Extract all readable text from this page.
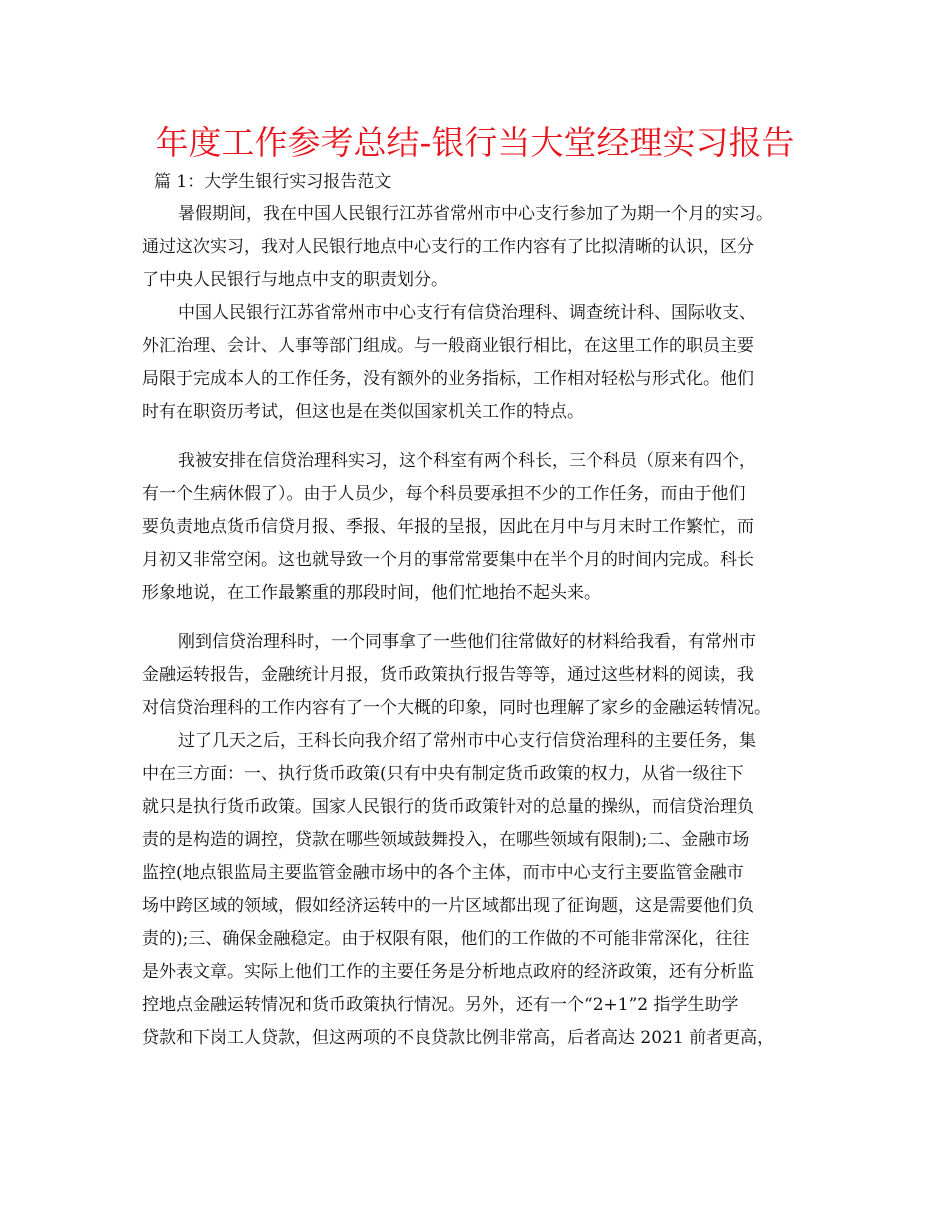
年度工作参考总结-银行当大堂经理实习报告
篇 1：大学生银行实习报告范文
暑假期间，我在中国人民银行江苏省常州市中心支行参加了为期一个月的实习。
通过这次实习，我对人民银行地点中心支行的工作内容有了比拟清晰的认识，区分
了中央人民银行与地点中支的职责划分。
中国人民银行江苏省常州市中心支行有信贷治理科、调查统计科、国际收支、
外汇治理、会计、人事等部门组成。与一般商业银行相比，在这里工作的职员主要
局限于完成本人的工作任务，没有额外的业务指标，工作相对轻松与形式化。他们
时有在职资历考试，但这也是在类似国家机关工作的特点。
我被安排在信贷治理科实习，这个科室有两个科长，三个科员（原来有四个，
有一个生病休假了）。由于人员少，每个科员要承担不少的工作任务，而由于他们
要负责地点货币信贷月报、季报、年报的呈报，因此在月中与月末时工作繁忙，而
月初又非常空闲。这也就导致一个月的事常常要集中在半个月的时间内完成。科长
形象地说，在工作最繁重的那段时间，他们忙地抬不起头来。
刚到信贷治理科时，一个同事拿了一些他们往常做好的材料给我看，有常州市
金融运转报告，金融统计月报，货币政策执行报告等等，通过这些材料的阅读，我
对信贷治理科的工作内容有了一个大概的印象，同时也理解了家乡的金融运转情况。
过了几天之后，王科长向我介绍了常州市中心支行信贷治理科的主要任务，集
中在三方面：一、执行货币政策(只有中央有制定货币政策的权力，从省一级往下
就只是执行货币政策。国家人民银行的货币政策针对的总量的操纵，而信贷治理负
责的是构造的调控，贷款在哪些领域鼓舞投入，在哪些领域有限制);二、金融市场
监控(地点银监局主要监管金融市场中的各个主体，而市中心支行主要监管金融市
场中跨区域的领域，假如经济运转中的一片区域都出现了征询题，这是需要他们负
责的);三、确保金融稳定。由于权限有限，他们的工作做的不可能非常深化，往往
是外表文章。实际上他们工作的主要任务是分析地点政府的经济政策，还有分析监
控地点金融运转情况和货币政策执行情况。另外，还有一个“2+1”2 指学生助学
贷款和下岗工人贷款，但这两项的不良贷款比例非常高，后者高达 2021 前者更高，
